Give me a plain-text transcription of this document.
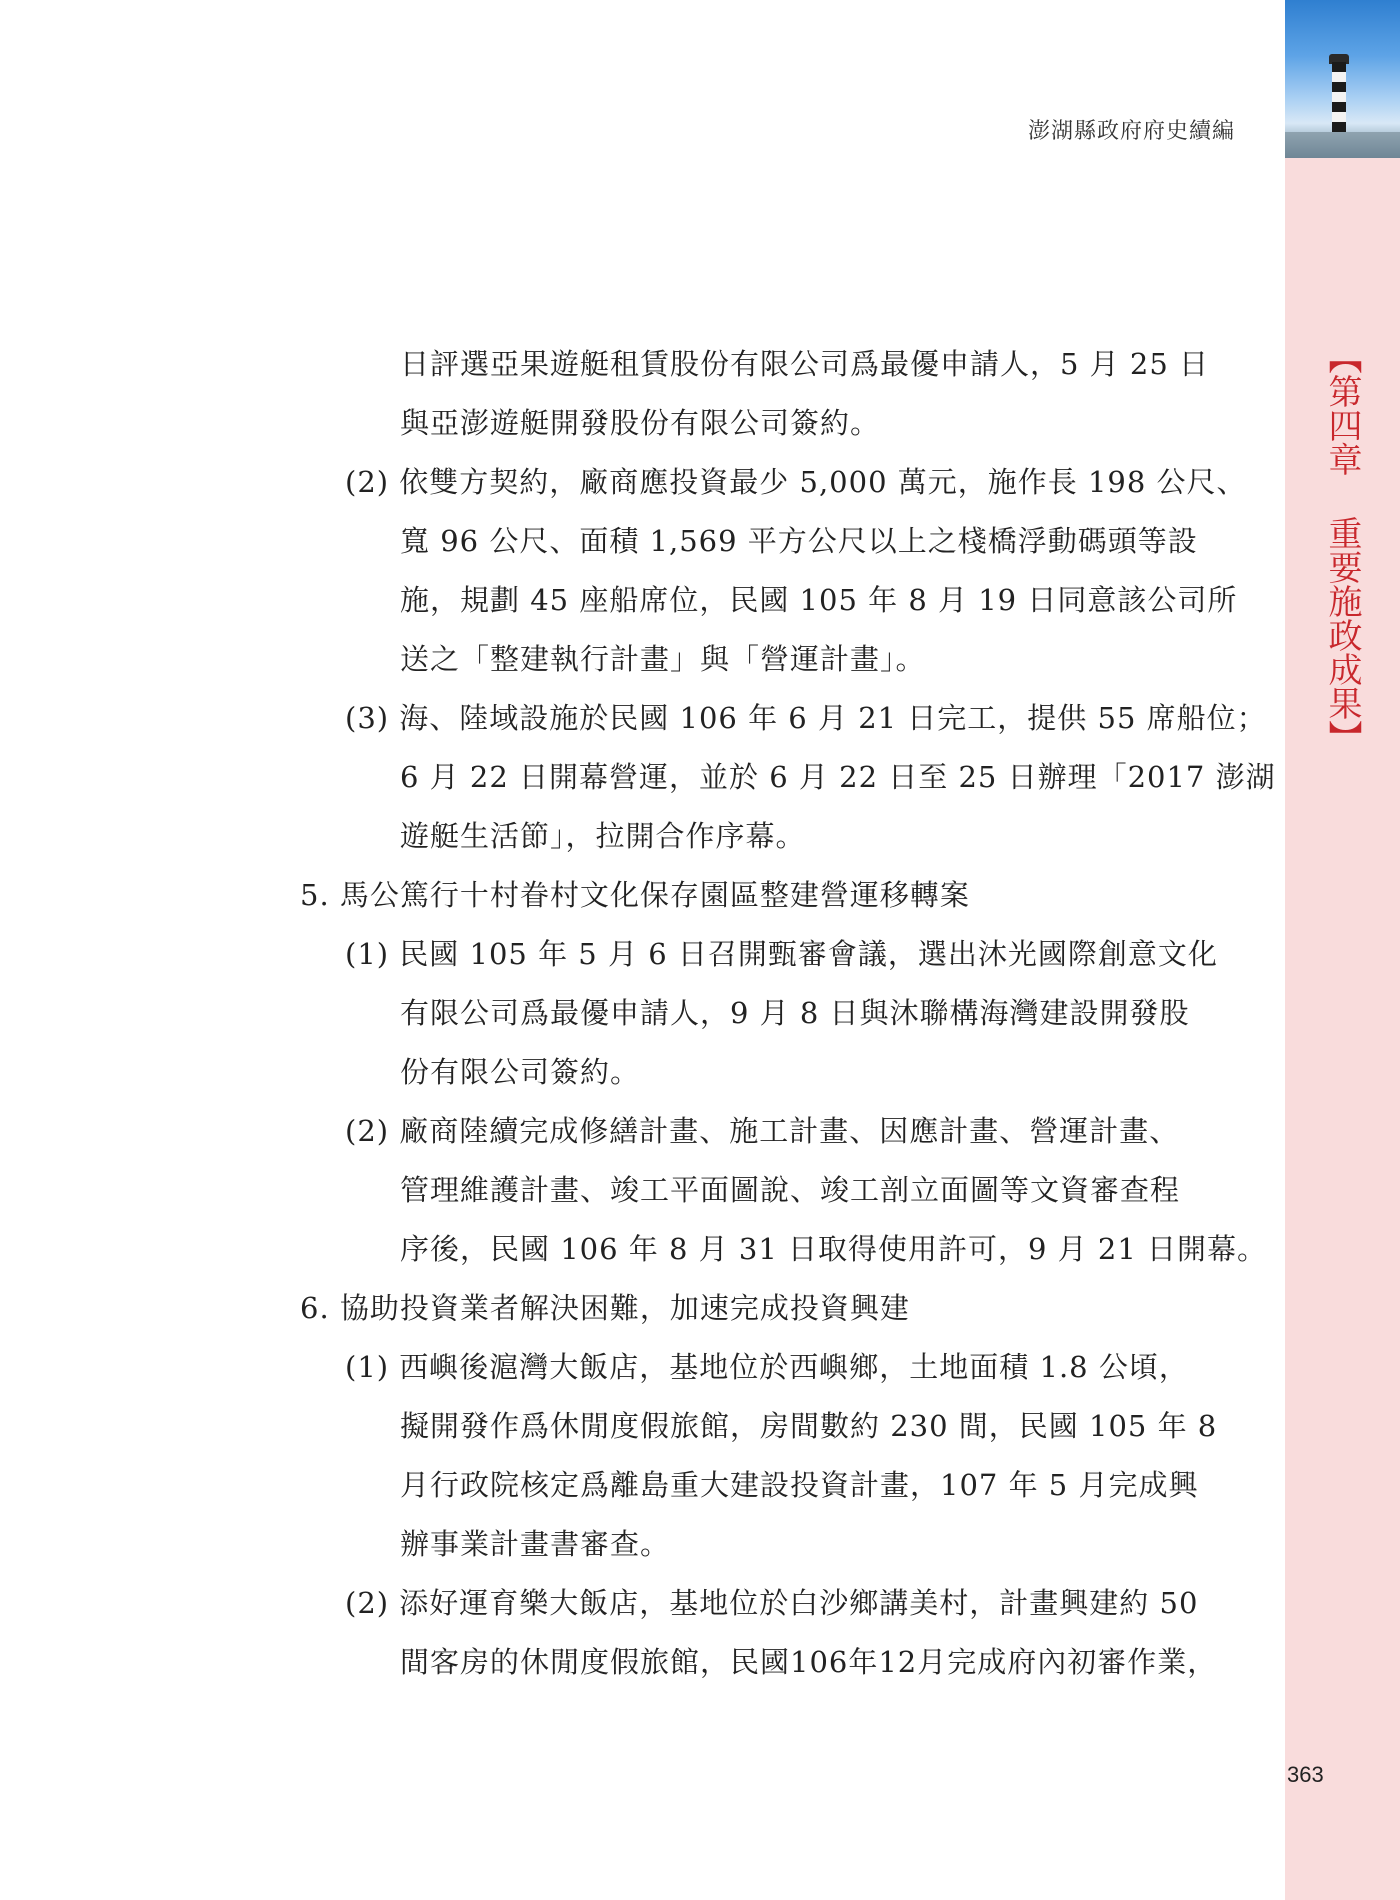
澎湖縣政府府史續編
【第四章 重要施政成果】
日評選亞果遊艇租賃股份有限公司爲最優申請人，5 月 25 日
與亞澎遊艇開發股份有限公司簽約。
(2) 依雙方契約，廠商應投資最少 5,000 萬元，施作長 198 公尺、
寬 96 公尺、面積 1,569 平方公尺以上之棧橋浮動碼頭等設
施，規劃 45 座船席位，民國 105 年 8 月 19 日同意該公司所
送之「整建執行計畫」與「營運計畫」。
(3) 海、陸域設施於民國 106 年 6 月 21 日完工，提供 55 席船位；
6 月 22 日開幕營運，並於 6 月 22 日至 25 日辦理「2017 澎湖
遊艇生活節」，拉開合作序幕。
5. 馬公篤行十村眷村文化保存園區整建營運移轉案
(1) 民國 105 年 5 月 6 日召開甄審會議，選出沐光國際創意文化
有限公司爲最優申請人，9 月 8 日與沐聯構海灣建設開發股
份有限公司簽約。
(2) 廠商陸續完成修繕計畫、施工計畫、因應計畫、營運計畫、
管理維護計畫、竣工平面圖說、竣工剖立面圖等文資審查程
序後，民國 106 年 8 月 31 日取得使用許可，9 月 21 日開幕。
6. 協助投資業者解決困難，加速完成投資興建
(1) 西嶼後滬灣大飯店，基地位於西嶼鄉，土地面積 1.8 公頃，
擬開發作爲休閒度假旅館，房間數約 230 間，民國 105 年 8
月行政院核定爲離島重大建設投資計畫，107 年 5 月完成興
辦事業計畫書審查。
(2) 添好運育樂大飯店，基地位於白沙鄉講美村，計畫興建約 50
間客房的休閒度假旅館，民國106年12月完成府內初審作業，
363
